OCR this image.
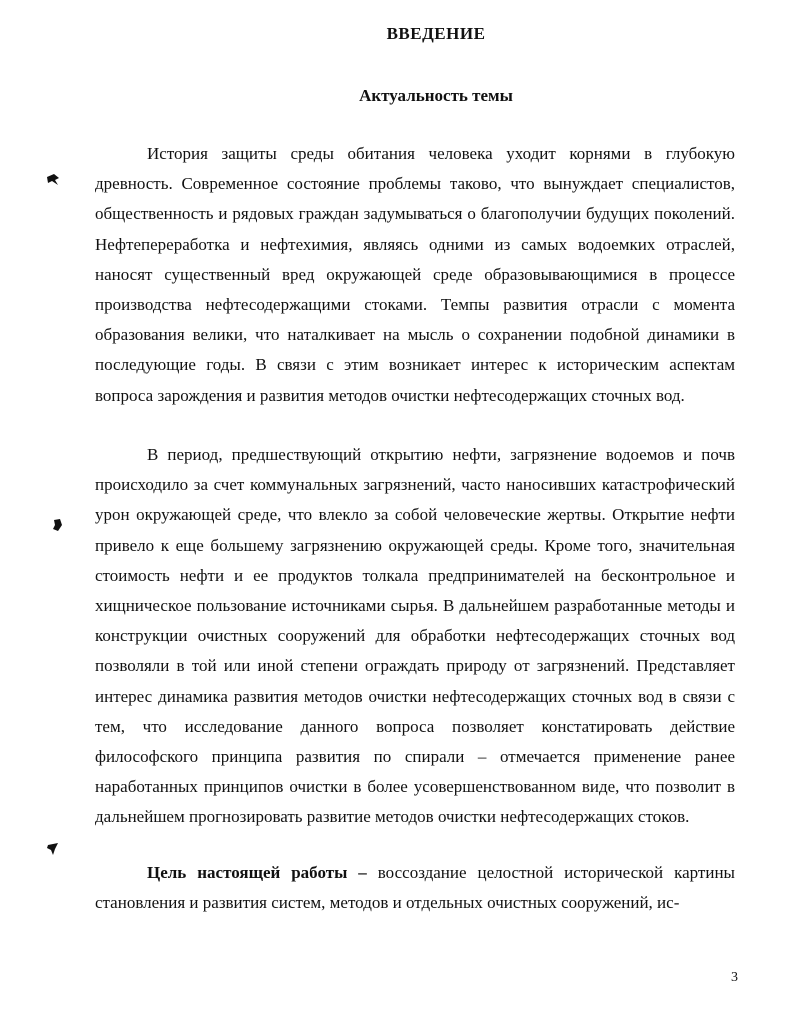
ВВЕДЕНИЕ
Актуальность темы

История защиты среды обитания человека уходит корнями в глубокую древность. Современное состояние проблемы таково, что вынуждает специалистов, общественность и рядовых граждан задумываться о благополучии будущих поколений. Нефтепереработка и нефтехимия, являясь одними из самых водоемких отраслей, наносят существенный вред окружающей среде образовывающимися в процессе производства нефтесодержащими стоками. Темпы развития отрасли с момента образования велики, что наталкивает на мысль о сохранении подобной динамики в последующие годы. В связи с этим возникает интерес к историческим аспектам вопроса зарождения и развития методов очистки нефтесодержащих сточных вод.

В период, предшествующий открытию нефти, загрязнение водоемов и почв происходило за счет коммунальных загрязнений, часто наносивших катастрофический урон окружающей среде, что влекло за собой человеческие жертвы. Открытие нефти привело к еще большему загрязнению окружающей среды. Кроме того, значительная стоимость нефти и ее продуктов толкала предпринимателей на бесконтрольное и хищническое пользование источниками сырья. В дальнейшем разработанные методы и конструкции очистных сооружений для обработки нефтесодержащих сточных вод позволяли в той или иной степени ограждать природу от загрязнений. Представляет интерес динамика развития методов очистки нефтесодержащих сточных вод в связи с тем, что исследование данного вопроса позволяет констатировать действие философского принципа развития по спирали – отмечается применение ранее наработанных принципов очистки в более усовершенствованном виде, что позволит в дальнейшем прогнозировать развитие методов очистки нефтесодержащих стоков.

Цель настоящей работы – воссоздание целостной исторической картины становления и развития систем, методов и отдельных очистных сооружений, ис-

3
